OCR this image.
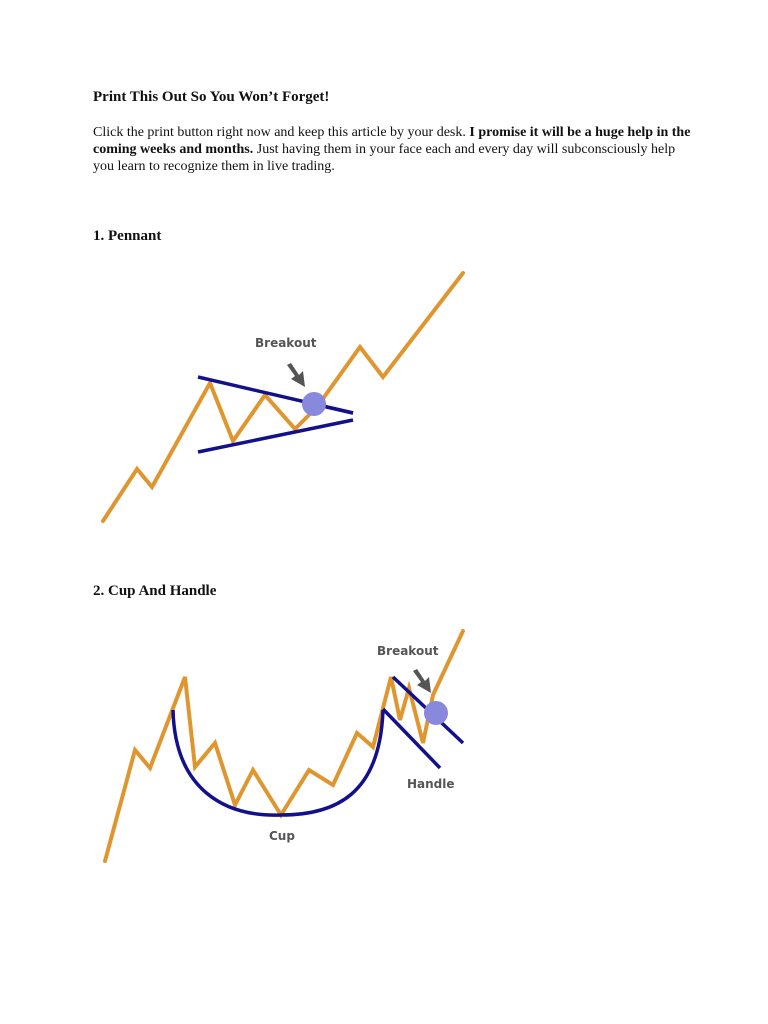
Print This Out So You Won’t Forget!

Click the print button right now and keep this article by your desk. I promise it will be a huge help in the coming weeks and months. Just having them in your face each and every day will subconsciously help you learn to recognize them in live trading.

1. Pennant
Breakout
2. Cup And Handle
Breakout
Handle
Cup
